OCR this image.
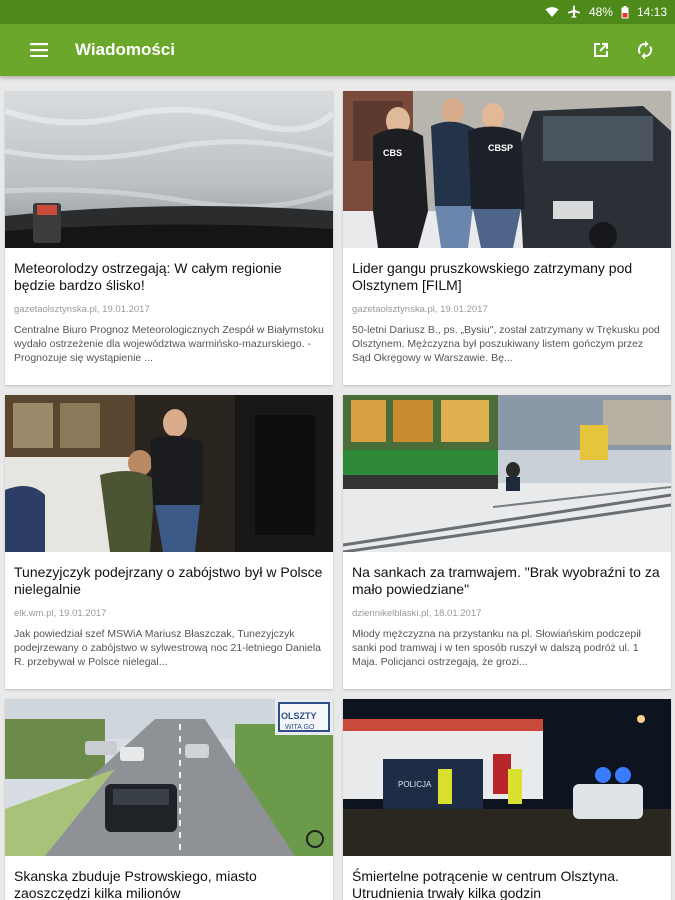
48% 14:13
Wiadomości
Meteorolodzy ostrzegają: W całym regionie będzie bardzo ślisko!
gazetaolsztynska.pl, 19.01.2017
Centralne Biuro Prognoz Meteorologicznych Zespół w Białymstoku wydało ostrzeżenie dla województwa warmińsko-mazurskiego. - Prognozuje się wystąpienie ...
CBS	CBSP
Lider gangu pruszkowskiego zatrzymany pod Olsztynem [FILM]
gazetaolsztynska.pl, 19.01.2017
50-letni Dariusz B., ps. „Bysiu", został zatrzymany w Trękusku pod Olsztynem. Mężczyzna był poszukiwany listem gończym przez Sąd Okręgowy w Warszawie. Bę...
Tunezyjczyk podejrzany o zabójstwo był w Polsce nielegalnie
elk.wm.pl, 19.01.2017
Jak powiedział szef MSWiA Mariusz Błaszczak, Tunezyjczyk podejrzewany o zabójstwo w sylwestrową noc 21-letniego Daniela R. przebywał w Polsce nielegal...
Na sankach za tramwajem. "Brak wyobraźni to za mało powiedziane"
dziennikelblaski.pl, 18.01.2017
Młody mężczyzna na przystanku na pl. Słowiańskim podczepił sanki pod tramwaj i w ten sposób ruszył w dalszą podróż ul. 1 Maja. Policjanci ostrzegają, że grozi...
OLSZTY
WITA GO
Skanska zbuduje Pstrowskiego, miasto zaoszczędzi kilka milionów
POLICJA
Śmiertelne potrącenie w centrum Olsztyna. Utrudnienia trwały kilka godzin
